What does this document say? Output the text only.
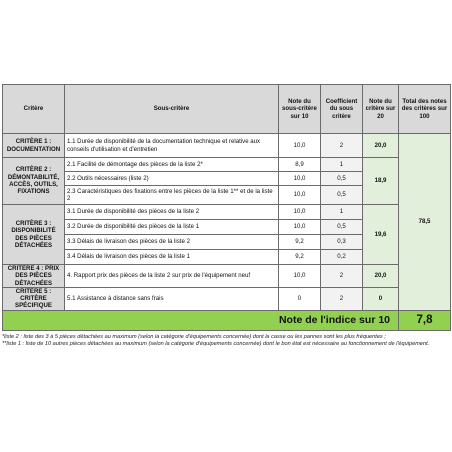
Critère	Sous-critère	Note du sous-critère sur 10	Coefficient du sous critère	Note du critère sur 20	Total des notes des critères sur 100
CRITÈRE 1 : DOCUMENTATION	1.1 Durée de disponibilité de la documentation technique et relative aux conseils d'utilisation et d'entretien	10,0	2	20,0	78,5
CRITÈRE 2 : DÉMONTABILITÉ, ACCÈS, OUTILS, FIXATIONS	2.1 Facilité de démontage des pièces de la liste 2*	8,9	1	18,9	
	2.2 Outils nécessaires (liste 2)	10,0	0,5		
	2.3 Caractéristiques des fixations entre les pièces de la liste 1** et de la liste 2	10,0	0,5		
CRITÈRE 3 : DISPONIBILITÉ DES PIÈCES DÉTACHÉES	3.1 Durée de disponibilité des pièces de la liste 2	10,0	1	19,6	
	3.2 Durée de disponibilité des pièces de la liste 1	10,0	0,5		
	3.3 Délais de livraison des pièces de la liste 2	9,2	0,3		
	3.4 Délais de livraison des pièces de la liste 1	9,2	0,2		
CRITÈRE 4 : PRIX DES PIÈCES DÉTACHÉES	4. Rapport prix des pièces de la liste 2 sur prix de l'équipement neuf	10,0	2	20,0	
CRITÈRE 5 : CRITÈRE SPÉCIFIQUE	5.1 Assistance à distance sans frais	0	2	0	
Note de l'indice sur 10					7,8
*liste 2 : liste des 3 à 5 pièces détachées au maximum (selon la catégorie d'équipements concernée) dont la casse ou les pannes sont les plus fréquentes ;
**liste 1 : liste de 10 autres pièces détachées au maximum (selon la catégorie d'équipements concernée) dont le bon état est nécessaire au fonctionnement de l'équipement.
